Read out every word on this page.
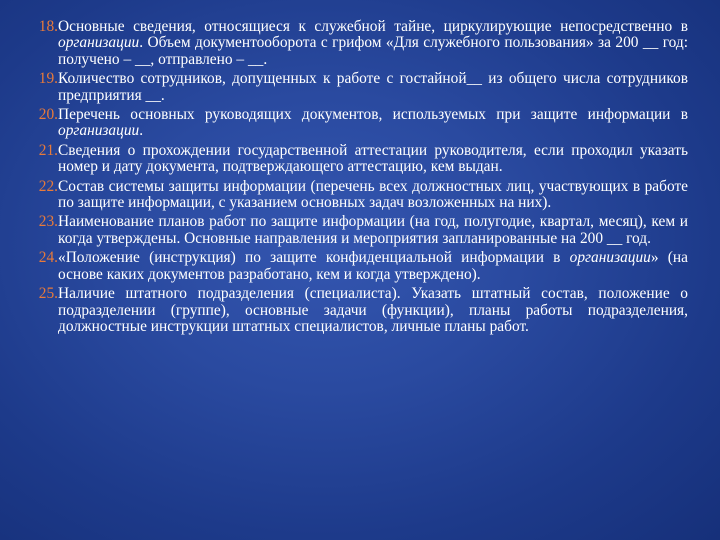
18. Основные сведения, относящиеся к служебной тайне, циркулирующие непосредственно в организации. Объем документооборота с грифом «Для служебного пользования» за 200 __ год: получено – __, отправлено – __.
19. Количество сотрудников, допущенных к работе с гостайной__ из общего числа сотрудников предприятия __.
20. Перечень основных руководящих документов, используемых при защите информации в организации.
21. Сведения о прохождении государственной аттестации руководителя, если проходил указать номер и дату документа, подтверждающего аттестацию, кем выдан.
22. Состав системы защиты информации (перечень всех должностных лиц, участвующих в работе по защите информации, с указанием основных задач возложенных на них).
23. Наименование планов работ по защите информации (на год, полугодие, квартал, месяц), кем и когда утверждены. Основные направления и мероприятия запланированные на 200 __ год.
24. «Положение (инструкция) по защите конфиденциальной информации в организации» (на основе каких документов разработано, кем и когда утверждено).
25. Наличие штатного подразделения (специалиста). Указать штатный состав, положение о подразделении (группе), основные задачи (функции), планы работы подразделения, должностные инструкции штатных специалистов, личные планы работ.
